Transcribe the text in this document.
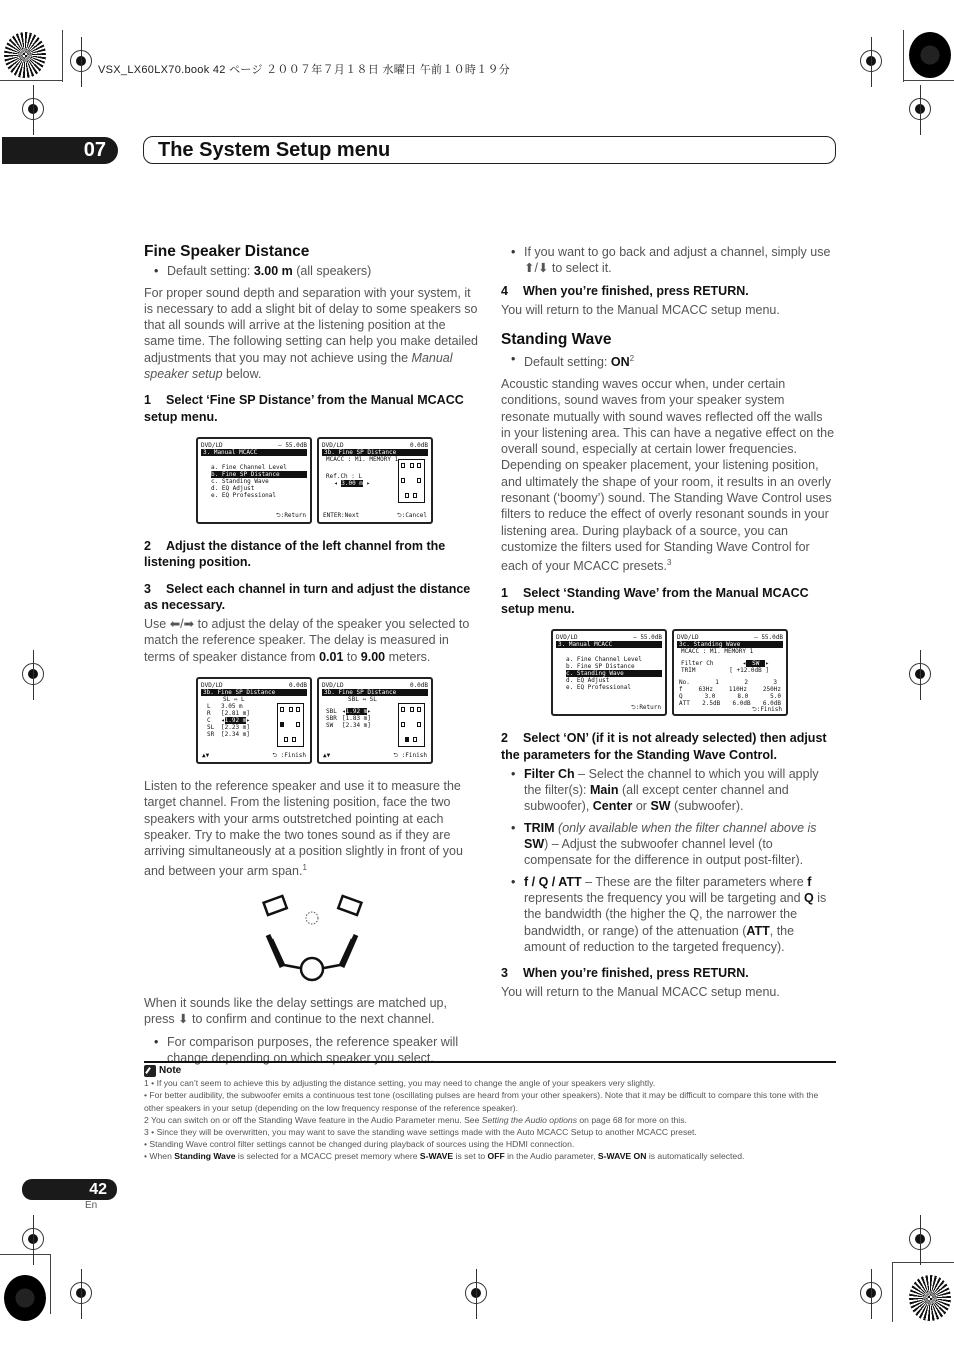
VSX_LX60LX70.book 42 ページ ２００７年７月１８日 水曜日 午前１０時１９分
07	The System Setup menu
Fine Speaker Distance
• Default setting: 3.00 m (all speakers)

For proper sound depth and separation with your system, it is necessary to add a slight bit of delay to some speakers so that all sounds will arrive at the listening position at the same time. The following setting can help you make detailed adjustments that you may not achieve using the Manual speaker setup below.

1 Select ‘Fine SP Distance’ from the Manual MCACC setup menu.
DVD/LD	– 55.0dB
3. Manual MCACC
a. Fine Channel Level
b. Fine SP Distance
c. Standing Wave
d. EQ Adjust
e. EQ Professional
⮌:Return
DVD/LD	0.0dB
3b. Fine SP Distance
MCACC : M1. MEMORY 1
Ref.Ch : L
◂ 3.00 m ▸
ENTER:Next	⮌:Cancel
2 Adjust the distance of the left channel from the listening position.
3 Select each channel in turn and adjust the distance as necessary.

Use ⬅/➡ to adjust the delay of the speaker you selected to match the reference speaker. The delay is measured in terms of speaker distance from 0.01 to 9.00 meters.

DVD/LD	0.0dB
3b. Fine SP Distance
SL ⇔ L
L 3.05 m
R [2.81 m]
C ◂1.92 m▸
SL [2.23 m]
SR [2.34 m]
▲▼	⮌ :Finish
DVD/LD	0.0dB
3b. Fine SP Distance
SBL ⇔ SL
SBL ◂1.92 m▸
SBR [1.83 m]
SW [2.34 m]
▲▼	⮌ :Finish

Listen to the reference speaker and use it to measure the target channel. From the listening position, face the two speakers with your arms outstretched pointing at each speaker. Try to make the two tones sound as if they are arriving simultaneously at a position slightly in front of you and between your arm span.$^1$

When it sounds like the delay settings are matched up, press ⬇ to confirm and continue to the next channel.

• For comparison purposes, the reference speaker will change depending on which speaker you select.
• If you want to go back and adjust a channel, simply use ⬆/⬇ to select it.
4 When you’re finished, press RETURN.

You will return to the Manual MCACC setup menu.

Standing Wave
• Default setting: $ON^2$

Acoustic standing waves occur when, under certain conditions, sound waves from your speaker system resonate mutually with sound waves reflected off the walls in your listening area. This can have a negative effect on the overall sound, especially at certain lower frequencies. Depending on speaker placement, your listening position, and ultimately the shape of your room, it results in an overly resonant (‘boomy’) sound. The Standing Wave Control uses filters to reduce the effect of overly resonant sounds in your listening area. During playback of a source, you can customize the filters used for Standing Wave Control for each of your MCACC presets.$^3$

1 Select ‘Standing Wave’ from the Manual MCACC setup menu.
DVD/LD	– 55.0dB
3. Manual MCACC
a. Fine Channel Level
b. Fine SP Distance
c. Standing Wave
d. EQ Adjust
e. EQ Professional
⮌:Return
DVD/LD	– 55.0dB
3c. Standing Wave
MCACC : M1. MEMORY 1
Filter Ch	◂ SW ▸
TRIM	[ +12.0dB ]
No.	1	2	3
f	63Hz	110Hz	250Hz
Q	3.0	8.0	5.0
ATT 2.5dB 6.0dB 6.0dB
⮌:Finish
2 Select ‘ON’ (if it is not already selected) then adjust the parameters for the Standing Wave Control.
• Filter Ch – Select the channel to which you will apply the filter(s): Main (all except center channel and subwoofer), Center or SW (subwoofer).
• TRIM (only available when the filter channel above is SW) – Adjust the subwoofer channel level (to compensate for the difference in output post-filter).
• f / Q / ATT – These are the filter parameters where f represents the frequency you will be targeting and Q is the bandwidth (the higher the Q, the narrower the bandwidth, or range) of the attenuation (ATT, the amount of reduction to the targeted frequency).
3 When you’re finished, press RETURN.

You will return to the Manual MCACC setup menu.

Note
1 • If you can’t seem to achieve this by adjusting the distance setting, you may need to change the angle of your speakers very slightly.
• For better audibility, the subwoofer emits a continuous test tone (oscillating pulses are heard from your other speakers). Note that it may be difficult to compare this tone with the other speakers in your setup (depending on the low frequency response of the reference speaker).
2 You can switch on or off the Standing Wave feature in the Audio Parameter menu. See Setting the Audio options on page 68 for more on this.
3 • Since they will be overwritten, you may want to save the standing wave settings made with the Auto MCACC Setup to another MCACC preset.
• Standing Wave control filter settings cannot be changed during playback of sources using the HDMI connection.
• When Standing Wave is selected for a MCACC preset memory where S-WAVE is set to OFF in the Audio parameter, S-WAVE ON is automatically selected.
42
En
